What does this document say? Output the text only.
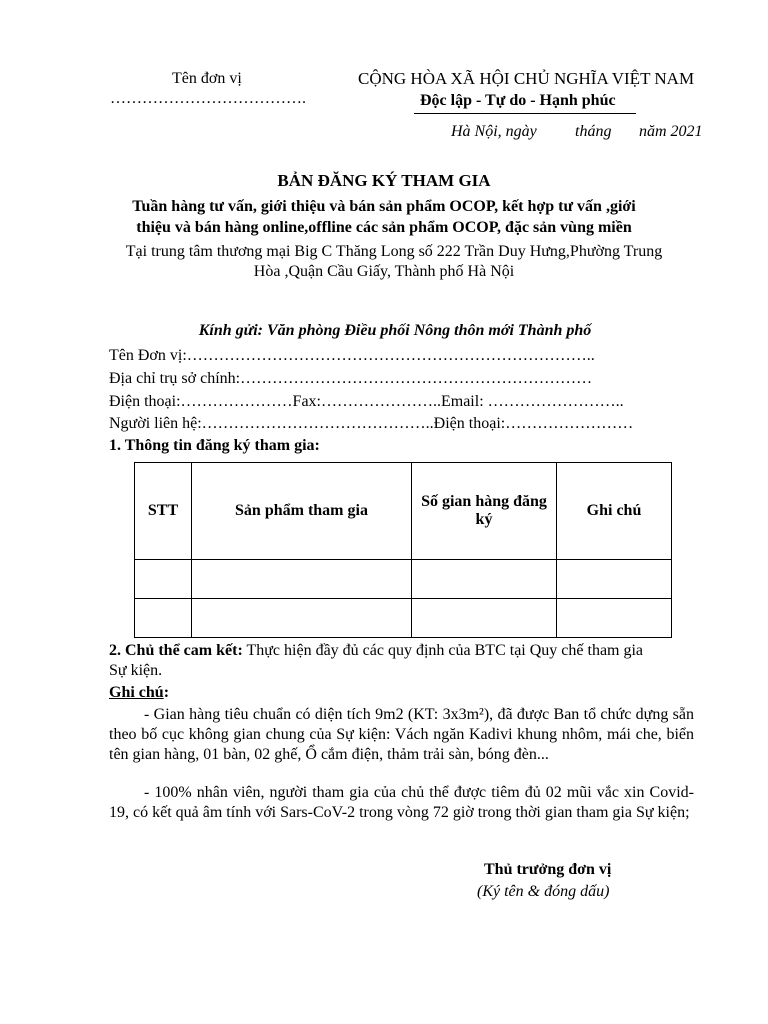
Tên đơn vị
……………………………….
CỘNG HÒA XÃ HỘI CHỦ NGHĨA VIỆT NAM
Độc lập - Tự do - Hạnh phúc
Hà Nội, ngày tháng năm 2021
BẢN ĐĂNG KÝ THAM GIA
Tuần hàng tư vấn, giới thiệu và bán sản phẩm OCOP, kết hợp tư vấn ,giới
thiệu và bán hàng online,offline các sản phẩm OCOP, đặc sản vùng miền
Tại trung tâm thương mại Big C Thăng Long số 222 Trần Duy Hưng,Phường Trung
Hòa ,Quận Cầu Giấy, Thành phố Hà Nội
Kính gửi: Văn phòng Điều phối Nông thôn mới Thành phố
Tên Đơn vị:…………………………………………………………………..
Địa chỉ trụ sở chính:…………………………………………………………
Điện thoại:…………………Fax:…………………..Email: ……………………..
Người liên hệ:……………………………………..Điện thoại:……………………
1. Thông tin đăng ký tham gia:
STT	Sản phẩm tham gia	Số gian hàng đăng ký	Ghi chú

2. Chủ thể cam kết: Thực hiện đầy đủ các quy định của BTC tại Quy chế tham gia
Sự kiện.
Ghi chú:
- Gian hàng tiêu chuẩn có diện tích 9m2 (KT: 3x3m²), đã được Ban tổ chức dựng sẵn theo bố cục không gian chung của Sự kiện: Vách ngăn Kadivi khung nhôm, mái che, biển tên gian hàng, 01 bàn, 02 ghế, Ổ cắm điện, thảm trải sàn, bóng đèn...
- 100% nhân viên, người tham gia của chủ thể được tiêm đủ 02 mũi vắc xin Covid-19, có kết quả âm tính với Sars-CoV-2 trong vòng 72 giờ trong thời gian tham gia Sự kiện;
Thủ trưởng đơn vị
(Ký tên & đóng dấu)
